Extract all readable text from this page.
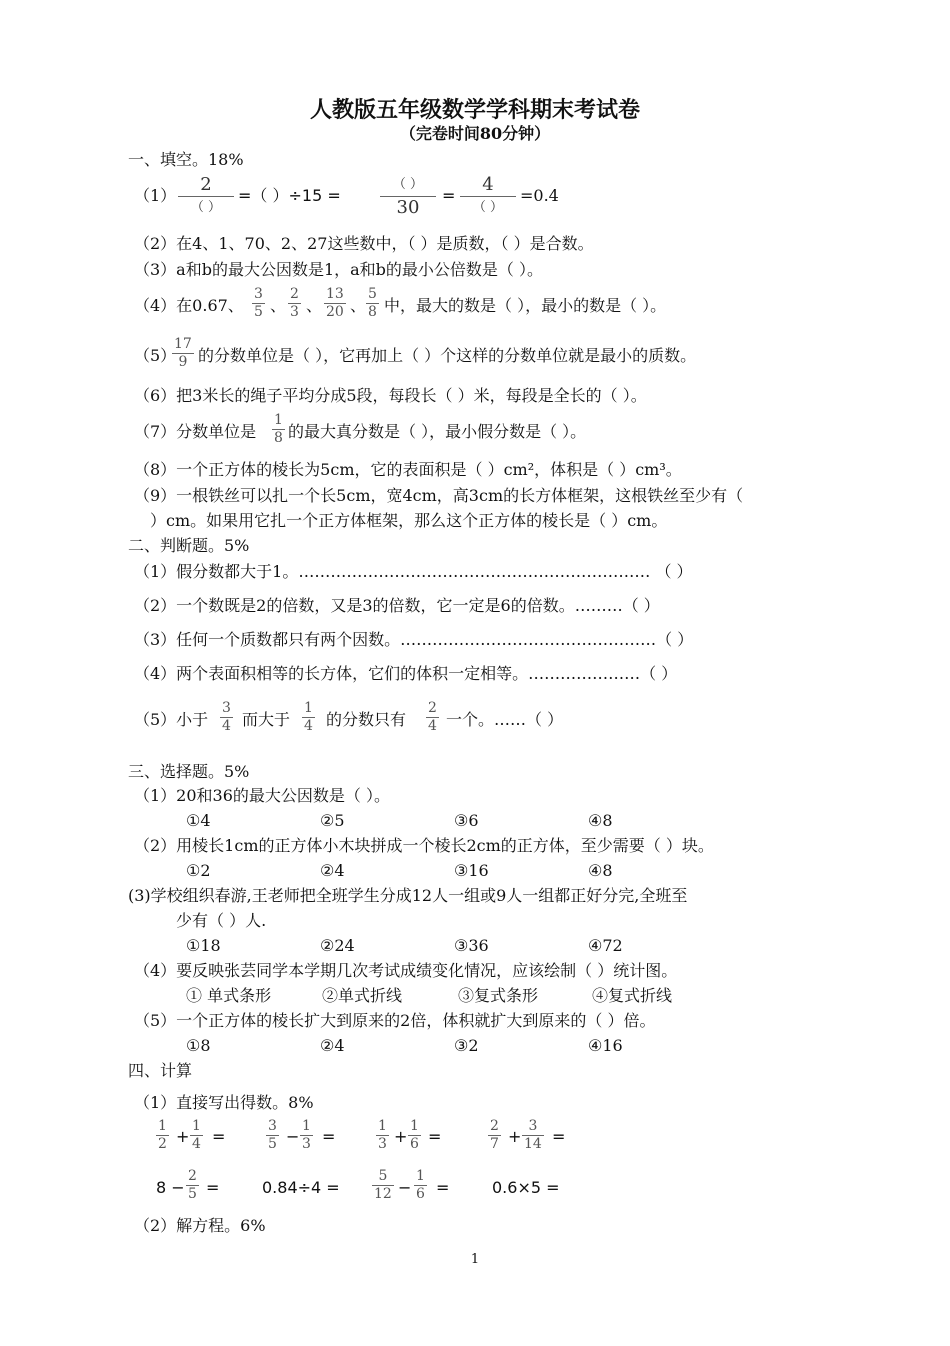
人教版五年级数学学科期末考试卷
（完卷时间80分钟）
一、填空。18%
（1）
2
（ ）
=（ ）÷15 =
（ ）
30
=
4
（ ）
=0.4
（2）在4、1、70、2、27这些数中，（ ）是质数，（ ）是合数。
（3）a和b的最大公因数是1，a和b的最小公倍数是（ ）。
（4）在0.67、
3
5 、
2
3 、
13
20 、
5
8 中，最大的数是（ ），最小的数是（ ）。
（5）
17
9 的分数单位是（ ），它再加上（ ）个这样的分数单位就是最小的质数。
（6）把3米长的绳子平均分成5段，每段长（ ）米，每段是全长的（ ）。
（7）分数单位是
1
8 的最大真分数是（ ），最小假分数是（ ）。
（8）一个正方体的棱长为5cm，它的表面积是（ ）cm²，体积是（ ）cm³。
（9）一根铁丝可以扎一个长5cm，宽4cm，高3cm的长方体框架，这根铁丝至少有（
）cm。如果用它扎一个正方体框架，那么这个正方体的棱长是（ ）cm。
二、判断题。5%
（1）假分数都大于1。………………………………………………………… （ ）
（2）一个数既是2的倍数，又是3的倍数，它一定是6的倍数。………（ ）
（3）任何一个质数都只有两个因数。…………………………………………（ ）
（4）两个表面积相等的长方体，它们的体积一定相等。…………………（ ）
（5）小于
3
4 而大于
1
4 的分数只有
2
4 一个。……（ ）
三、选择题。5%
（1）20和36的最大公因数是（ ）。
①4	②5	③6	④8
（2）用棱长1cm的正方体小木块拼成一个棱长2cm的正方体，至少需要（ ）块。
①2	②4	③16	④8
(3)学校组织春游,王老师把全班学生分成12人一组或9人一组都正好分完,全班至
少有（ ）人.
①18	②24	③36	④72
（4）要反映张芸同学本学期几次考试成绩变化情况，应该绘制（ ）统计图。
① 单式条形	②单式折线	③复式条形	④复式折线
（5）一个正方体的棱长扩大到原来的2倍，体积就扩大到原来的（ ）倍。
①8	②4	③2	④16
四、计算
（1）直接写出得数。8%
1
2 +
1
4 =
3
5 −
1
3 =
1
3 +
1
6 =
2
7 +
3
14 =
8 −
2
5 =	0.84÷4 =
5
12 −
1
6 =	0.6×5 =
（2）解方程。6%
1
